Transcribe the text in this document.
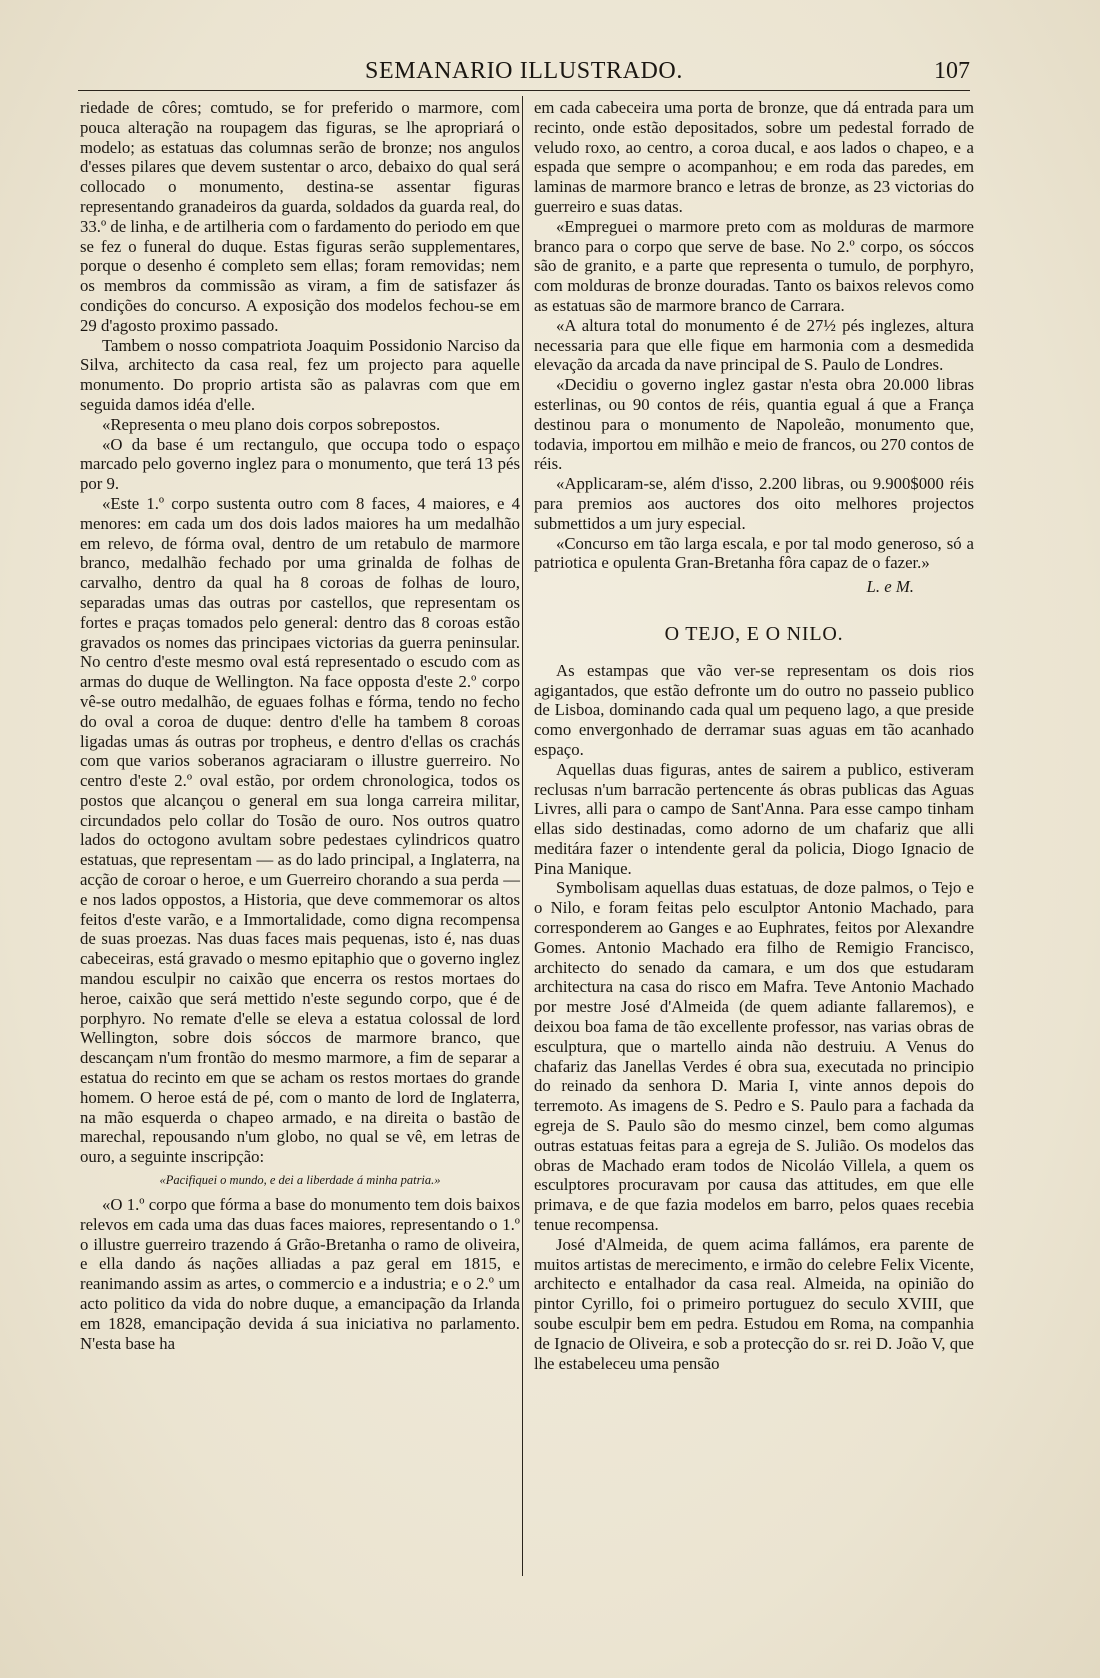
SEMANARIO ILLUSTRADO.	107

riedade de côres; comtudo, se for preferido o marmore, com pouca alteração na roupagem das figuras, se lhe apropriará o modelo; as estatuas das columnas serão de bronze; nos angulos d'esses pilares que devem sustentar o arco, debaixo do qual será collocado o monumento, destina-se assentar figuras representando granadeiros da guarda, soldados da guarda real, do 33.º de linha, e de artilheria com o fardamento do periodo em que se fez o funeral do duque. Estas figuras serão supplementares, porque o desenho é completo sem ellas; foram removidas; nem os membros da commissão as viram, a fim de satisfazer ás condições do concurso. A exposição dos modelos fechou-se em 29 d'agosto proximo passado.

Tambem o nosso compatriota Joaquim Possidonio Narciso da Silva, architecto da casa real, fez um projecto para aquelle monumento. Do proprio artista são as palavras com que em seguida damos idéa d'elle.

«Representa o meu plano dois corpos sobrepostos.

«O da base é um rectangulo, que occupa todo o espaço marcado pelo governo inglez para o monumento, que terá 13 pés por 9.

«Este 1.º corpo sustenta outro com 8 faces, 4 maiores, e 4 menores: em cada um dos dois lados maiores ha um medalhão em relevo, de fórma oval, dentro de um retabulo de marmore branco, medalhão fechado por uma grinalda de folhas de carvalho, dentro da qual ha 8 coroas de folhas de louro, separadas umas das outras por castellos, que representam os fortes e praças tomados pelo general: dentro das 8 coroas estão gravados os nomes das principaes victorias da guerra peninsular. No centro d'este mesmo oval está representado o escudo com as armas do duque de Wellington. Na face opposta d'este 2.º corpo vê-se outro medalhão, de eguaes folhas e fórma, tendo no fecho do oval a coroa de duque: dentro d'elle ha tambem 8 coroas ligadas umas ás outras por tropheus, e dentro d'ellas os crachás com que varios soberanos agraciaram o illustre guerreiro. No centro d'este 2.º oval estão, por ordem chronologica, todos os postos que alcançou o general em sua longa carreira militar, circundados pelo collar do Tosão de ouro. Nos outros quatro lados do octogono avultam sobre pedestaes cylindricos quatro estatuas, que representam — as do lado principal, a Inglaterra, na acção de coroar o heroe, e um Guerreiro chorando a sua perda — e nos lados oppostos, a Historia, que deve commemorar os altos feitos d'este varão, e a Immortalidade, como digna recompensa de suas proezas. Nas duas faces mais pequenas, isto é, nas duas cabeceiras, está gravado o mesmo epitaphio que o governo inglez mandou esculpir no caixão que encerra os restos mortaes do heroe, caixão que será mettido n'este segundo corpo, que é de porphyro. No remate d'elle se eleva a estatua colossal de lord Wellington, sobre dois sóccos de marmore branco, que descançam n'um frontão do mesmo marmore, a fim de separar a estatua do recinto em que se acham os restos mortaes do grande homem. O heroe está de pé, com o manto de lord de Inglaterra, na mão esquerda o chapeo armado, e na direita o bastão de marechal, repousando n'um globo, no qual se vê, em letras de ouro, a seguinte inscripção:

«Pacifiquei o mundo, e dei a liberdade á minha patria.»

«O 1.º corpo que fórma a base do monumento tem dois baixos relevos em cada uma das duas faces maiores, representando o 1.º o illustre guerreiro trazendo á Grão-Bretanha o ramo de oliveira, e ella dando ás nações alliadas a paz geral em 1815, e reanimando assim as artes, o commercio e a industria; e o 2.º um acto politico da vida do nobre duque, a emancipação da Irlanda em 1828, emancipação devida á sua iniciativa no parlamento. N'esta base ha

em cada cabeceira uma porta de bronze, que dá entrada para um recinto, onde estão depositados, sobre um pedestal forrado de veludo roxo, ao centro, a coroa ducal, e aos lados o chapeo, e a espada que sempre o acompanhou; e em roda das paredes, em laminas de marmore branco e letras de bronze, as 23 victorias do guerreiro e suas datas.

«Empreguei o marmore preto com as molduras de marmore branco para o corpo que serve de base. No 2.º corpo, os sóccos são de granito, e a parte que representa o tumulo, de porphyro, com molduras de bronze douradas. Tanto os baixos relevos como as estatuas são de marmore branco de Carrara.

«A altura total do monumento é de 27½ pés inglezes, altura necessaria para que elle fique em harmonia com a desmedida elevação da arcada da nave principal de S. Paulo de Londres.

«Decidiu o governo inglez gastar n'esta obra 20.000 libras esterlinas, ou 90 contos de réis, quantia egual á que a França destinou para o monumento de Napoleão, monumento que, todavia, importou em milhão e meio de francos, ou 270 contos de réis.

«Applicaram-se, além d'isso, 2.200 libras, ou 9.900$000 réis para premios aos auctores dos oito melhores projectos submettidos a um jury especial.

«Concurso em tão larga escala, e por tal modo generoso, só a patriotica e opulenta Gran-Bretanha fôra capaz de o fazer.»

L. e M.

O TEJO, E O NILO.

As estampas que vão ver-se representam os dois rios agigantados, que estão defronte um do outro no passeio publico de Lisboa, dominando cada qual um pequeno lago, a que preside como envergonhado de derramar suas aguas em tão acanhado espaço.

Aquellas duas figuras, antes de sairem a publico, estiveram reclusas n'um barracão pertencente ás obras publicas das Aguas Livres, alli para o campo de Sant'Anna. Para esse campo tinham ellas sido destinadas, como adorno de um chafariz que alli meditára fazer o intendente geral da policia, Diogo Ignacio de Pina Manique.

Symbolisam aquellas duas estatuas, de doze palmos, o Tejo e o Nilo, e foram feitas pelo esculptor Antonio Machado, para corresponderem ao Ganges e ao Euphrates, feitos por Alexandre Gomes. Antonio Machado era filho de Remigio Francisco, architecto do senado da camara, e um dos que estudaram architectura na casa do risco em Mafra. Teve Antonio Machado por mestre José d'Almeida (de quem adiante fallaremos), e deixou boa fama de tão excellente professor, nas varias obras de esculptura, que o martello ainda não destruiu. A Venus do chafariz das Janellas Verdes é obra sua, executada no principio do reinado da senhora D. Maria I, vinte annos depois do terremoto. As imagens de S. Pedro e S. Paulo para a fachada da egreja de S. Paulo são do mesmo cinzel, bem como algumas outras estatuas feitas para a egreja de S. Julião. Os modelos das obras de Machado eram todos de Nicoláo Villela, a quem os esculptores procuravam por causa das attitudes, em que elle primava, e de que fazia modelos em barro, pelos quaes recebia tenue recompensa.

José d'Almeida, de quem acima fallámos, era parente de muitos artistas de merecimento, e irmão do celebre Felix Vicente, architecto e entalhador da casa real. Almeida, na opinião do pintor Cyrillo, foi o primeiro portuguez do seculo XVIII, que soube esculpir bem em pedra. Estudou em Roma, na companhia de Ignacio de Oliveira, e sob a protecção do sr. rei D. João V, que lhe estabeleceu uma pensão
